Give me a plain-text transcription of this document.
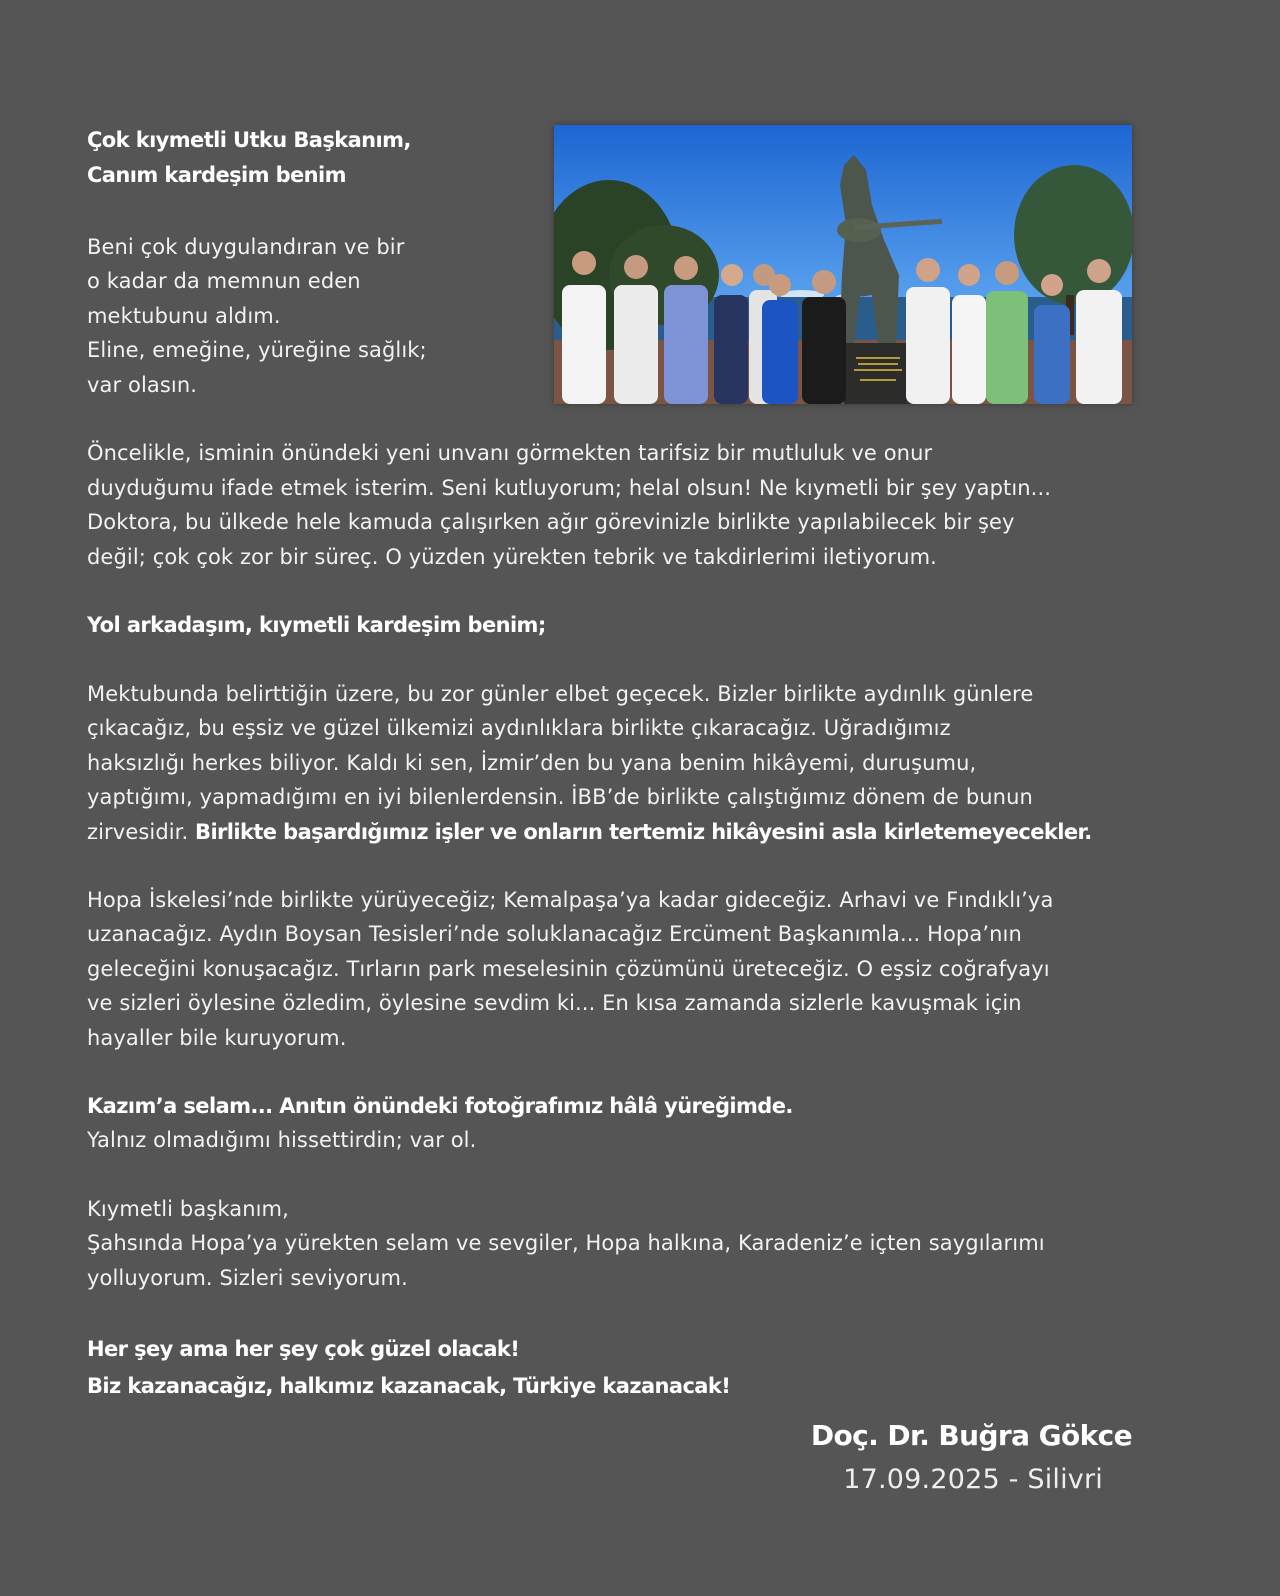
Çok kıymetli Utku Başkanım,
Canım kardeşim benim
Beni çok duygulandıran ve bir
o kadar da memnun eden
mektubunu aldım.
Eline, emeğine, yüreğine sağlık;
var olasın.
Öncelikle, isminin önündeki yeni unvanı görmekten tarifsiz bir mutluluk ve onur
duyduğumu ifade etmek isterim. Seni kutluyorum; helal olsun! Ne kıymetli bir şey yaptın...
Doktora, bu ülkede hele kamuda çalışırken ağır görevinizle birlikte yapılabilecek bir şey
değil; çok çok zor bir süreç. O yüzden yürekten tebrik ve takdirlerimi iletiyorum.
Yol arkadaşım, kıymetli kardeşim benim;
Mektubunda belirttiğin üzere, bu zor günler elbet geçecek. Bizler birlikte aydınlık günlere
çıkacağız, bu eşsiz ve güzel ülkemizi aydınlıklara birlikte çıkaracağız. Uğradığımız
haksızlığı herkes biliyor. Kaldı ki sen, İzmir’den bu yana benim hikâyemi, duruşumu,
yaptığımı, yapmadığımı en iyi bilenlerdensin. İBB’de birlikte çalıştığımız dönem de bunun
zirvesidir. Birlikte başardığımız işler ve onların tertemiz hikâyesini asla kirletemeyecekler.
Hopa İskelesi’nde birlikte yürüyeceğiz; Kemalpaşa’ya kadar gideceğiz. Arhavi ve Fındıklı’ya
uzanacağız. Aydın Boysan Tesisleri’nde soluklanacağız Ercüment Başkanımla... Hopa’nın
geleceğini konuşacağız. Tırların park meselesinin çözümünü üreteceğiz. O eşsiz coğrafyayı
ve sizleri öylesine özledim, öylesine sevdim ki... En kısa zamanda sizlerle kavuşmak için
hayaller bile kuruyorum.
Kazım’a selam... Anıtın önündeki fotoğrafımız hâlâ yüreğimde.
Yalnız olmadığımı hissettirdin; var ol.
Kıymetli başkanım,
Şahsında Hopa’ya yürekten selam ve sevgiler, Hopa halkına, Karadeniz’e içten saygılarımı
yolluyorum. Sizleri seviyorum.
Her şey ama her şey çok güzel olacak!
Biz kazanacağız, halkımız kazanacak, Türkiye kazanacak!
Doç. Dr. Buğra Gökce
17.09.2025 - Silivri
